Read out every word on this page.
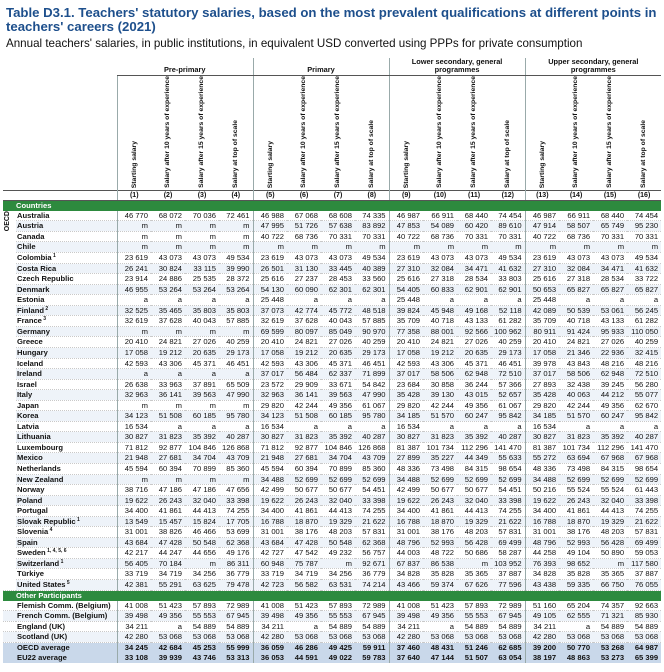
Table D3.1. Teachers' statutory salaries, based on the most prevalent qualifications at different points in teachers' careers (2021)
Annual teachers' salaries, in public institutions, in equivalent USD converted using PPPs for private consumption
		Pre-primary				Primary				Lower secondary, general programmes				Upper secondary, general programmes			
		Starting salary	Salary after 10 years of experience	Salary after 15 years of experience	Salary at top of scale	Starting salary	Salary after 10 years of experience	Salary after 15 years of experience	Salary at top of scale	Starting salary	Salary after 10 years of experience	Salary after 15 years of experience	Salary at top of scale	Starting salary	Salary after 10 years of experience	Salary after 15 years of experience	Salary at top of scale
		(1)	(2)	(3)	(4)	(5)	(6)	(7)	(8)	(9)	(10)	(11)	(12)	(13)	(14)	(15)	(16)
	Countries																
OECD	Australia	46 770	68 072	70 036	72 461	46 988	67 068	68 608	74 335	46 987	66 911	68 440	74 454	46 987	66 911	68 440	74 454
	Austria	m	m	m	m	47 995	51 726	57 638	83 892	47 853	54 089	60 420	89 610	47 914	58 507	65 749	95 230
	Canada	m	m	m	m	40 722	68 736	70 331	70 331	40 722	68 736	70 331	70 331	40 722	68 736	70 331	70 331
	Chile	m	m	m	m	m	m	m	m	m	m	m	m	m	m	m	m
	Colombia $^1$	23 619	43 073	43 073	49 534	23 619	43 073	43 073	49 534	23 619	43 073	43 073	49 534	23 619	43 073	43 073	49 534
	Costa Rica	26 241	30 824	33 115	39 990	26 501	31 130	33 445	40 389	27 310	32 084	34 471	41 632	27 310	32 084	34 471	41 632
	Czech Republic	23 914	24 886	25 535	28 372	25 616	27 237	28 453	33 560	25 616	27 318	28 534	33 803	25 616	27 318	28 534	33 722
	Denmark	46 955	53 264	53 264	53 264	54 130	60 090	62 301	62 301	54 405	60 833	62 901	62 901	50 653	65 827	65 827	65 827
	Estonia	a	a	a	a	25 448	a	a	a	25 448	a	a	a	25 448	a	a	a
	Finland $^2$	32 525	35 465	35 803	35 803	37 073	42 774	45 772	48 518	39 824	45 948	49 168	52 118	42 089	50 539	53 061	56 245
	France $^3$	32 619	37 628	40 043	57 885	32 619	37 628	40 043	57 885	35 709	40 718	43 133	61 282	35 709	40 718	43 133	61 282
	Germany	m	m	m	m	69 599	80 097	85 049	90 970	77 358	88 001	92 566	100 962	80 911	91 424	95 933	110 050
	Greece	20 410	24 821	27 026	40 259	20 410	24 821	27 026	40 259	20 410	24 821	27 026	40 259	20 410	24 821	27 026	40 259
	Hungary	17 058	19 212	20 635	29 173	17 058	19 212	20 635	29 173	17 058	19 212	20 635	29 173	17 058	21 346	22 936	32 415
	Iceland	42 593	43 306	45 371	46 451	42 593	43 306	45 371	46 451	42 593	43 306	45 371	46 451	39 978	43 843	48 216	48 216
	Ireland	a	a	a	a	37 017	56 484	62 337	71 899	37 017	58 506	62 948	72 510	37 017	58 506	62 948	72 510
	Israel	26 638	33 963	37 891	65 509	23 572	29 909	33 671	54 842	23 684	30 858	36 244	57 366	27 893	32 438	39 245	56 280
	Italy	32 963	36 141	39 563	47 990	32 963	36 141	39 563	47 990	35 428	39 130	43 015	52 657	35 428	40 063	44 212	55 077
	Japan	m	m	m	m	29 820	42 244	49 356	61 067	29 820	42 244	49 356	61 067	29 820	42 244	49 356	62 670
	Korea	34 123	51 508	60 185	95 780	34 123	51 508	60 185	95 780	34 185	51 570	60 247	95 842	34 185	51 570	60 247	95 842
	Latvia	16 534	a	a	a	16 534	a	a	a	16 534	a	a	a	16 534	a	a	a
	Lithuania	30 827	31 823	35 392	40 287	30 827	31 823	35 392	40 287	30 827	31 823	35 392	40 287	30 827	31 823	35 392	40 287
	Luxembourg	71 812	92 877	104 846	126 868	71 812	92 877	104 846	126 868	81 387	101 734	112 296	141 470	81 387	101 734	112 296	141 470
	Mexico	21 948	27 681	34 704	43 709	21 948	27 681	34 704	43 709	27 899	35 227	44 349	55 633	55 272	63 694	67 968	67 968
	Netherlands	45 594	60 394	70 899	85 360	45 594	60 394	70 899	85 360	48 336	73 498	84 315	98 654	48 336	73 498	84 315	98 654
	New Zealand	m	m	m	m	34 488	52 699	52 699	52 699	34 488	52 699	52 699	52 699	34 488	52 699	52 699	52 699
	Norway	38 716	47 186	47 186	47 656	42 499	50 677	50 677	54 451	42 499	50 677	50 677	54 451	50 216	55 524	55 524	61 443
	Poland	19 622	26 243	32 040	33 398	19 622	26 243	32 040	33 398	19 622	26 243	32 040	33 398	19 622	26 243	32 040	33 398
	Portugal	34 400	41 861	44 413	74 255	34 400	41 861	44 413	74 255	34 400	41 861	44 413	74 255	34 400	41 861	44 413	74 255
	Slovak Republic $^1$	13 549	15 457	15 824	17 705	16 788	18 870	19 329	21 622	16 788	18 870	19 329	21 622	16 788	18 870	19 329	21 622
	Slovenia $^4$	31 001	38 826	46 466	53 699	31 001	38 176	48 203	57 831	31 001	38 176	48 203	57 831	31 001	38 176	48 203	57 831
	Spain	43 684	47 428	50 548	62 368	43 684	47 428	50 548	62 368	48 796	52 993	56 428	69 499	48 796	52 993	56 428	69 499
	Sweden $^{1, 4, 5, 6}$	42 217	44 247	44 656	49 176	42 727	47 542	49 232	56 757	44 003	48 722	50 686	58 287	44 258	49 104	50 890	59 053
	Switzerland $^1$	56 405	70 184	m	86 311	60 948	75 787	m	92 671	67 837	86 538	m	103 952	76 393	98 652	m	117 580
	Türkiye	33 719	34 719	34 256	36 779	33 719	34 719	34 256	36 779	34 828	35 828	35 365	37 887	34 828	35 828	35 365	37 887
	United States $^5$	42 381	55 291	63 625	79 478	42 723	56 582	63 531	74 214	43 466	59 374	67 626	77 596	43 438	59 335	66 750	76 055
	Other Participants																
	Flemish Comm. (Belgium)	41 008	51 423	57 893	72 989	41 008	51 423	57 893	72 989	41 008	51 423	57 893	72 989	51 160	65 204	74 357	92 663
	French Comm. (Belgium)	39 498	49 356	55 553	67 945	39 498	49 356	55 553	67 945	39 498	49 356	55 553	67 945	49 105	62 555	71 321	85 930
	England (UK)	34 211	a	54 889	54 889	34 211	a	54 889	54 889	34 211	a	54 889	54 889	34 211	a	54 889	54 889
	Scotland (UK)	42 280	53 068	53 068	53 068	42 280	53 068	53 068	53 068	42 280	53 068	53 068	53 068	42 280	53 068	53 068	53 068
	OECD average	34 245	42 684	45 253	55 999	36 059	46 286	49 425	59 911	37 460	48 431	51 246	62 685	39 200	50 770	53 268	64 987
	EU22 average	33 108	39 939	43 746	53 313	36 053	44 591	49 022	59 783	37 640	47 144	51 507	63 054	38 197	48 863	53 273	65 399
